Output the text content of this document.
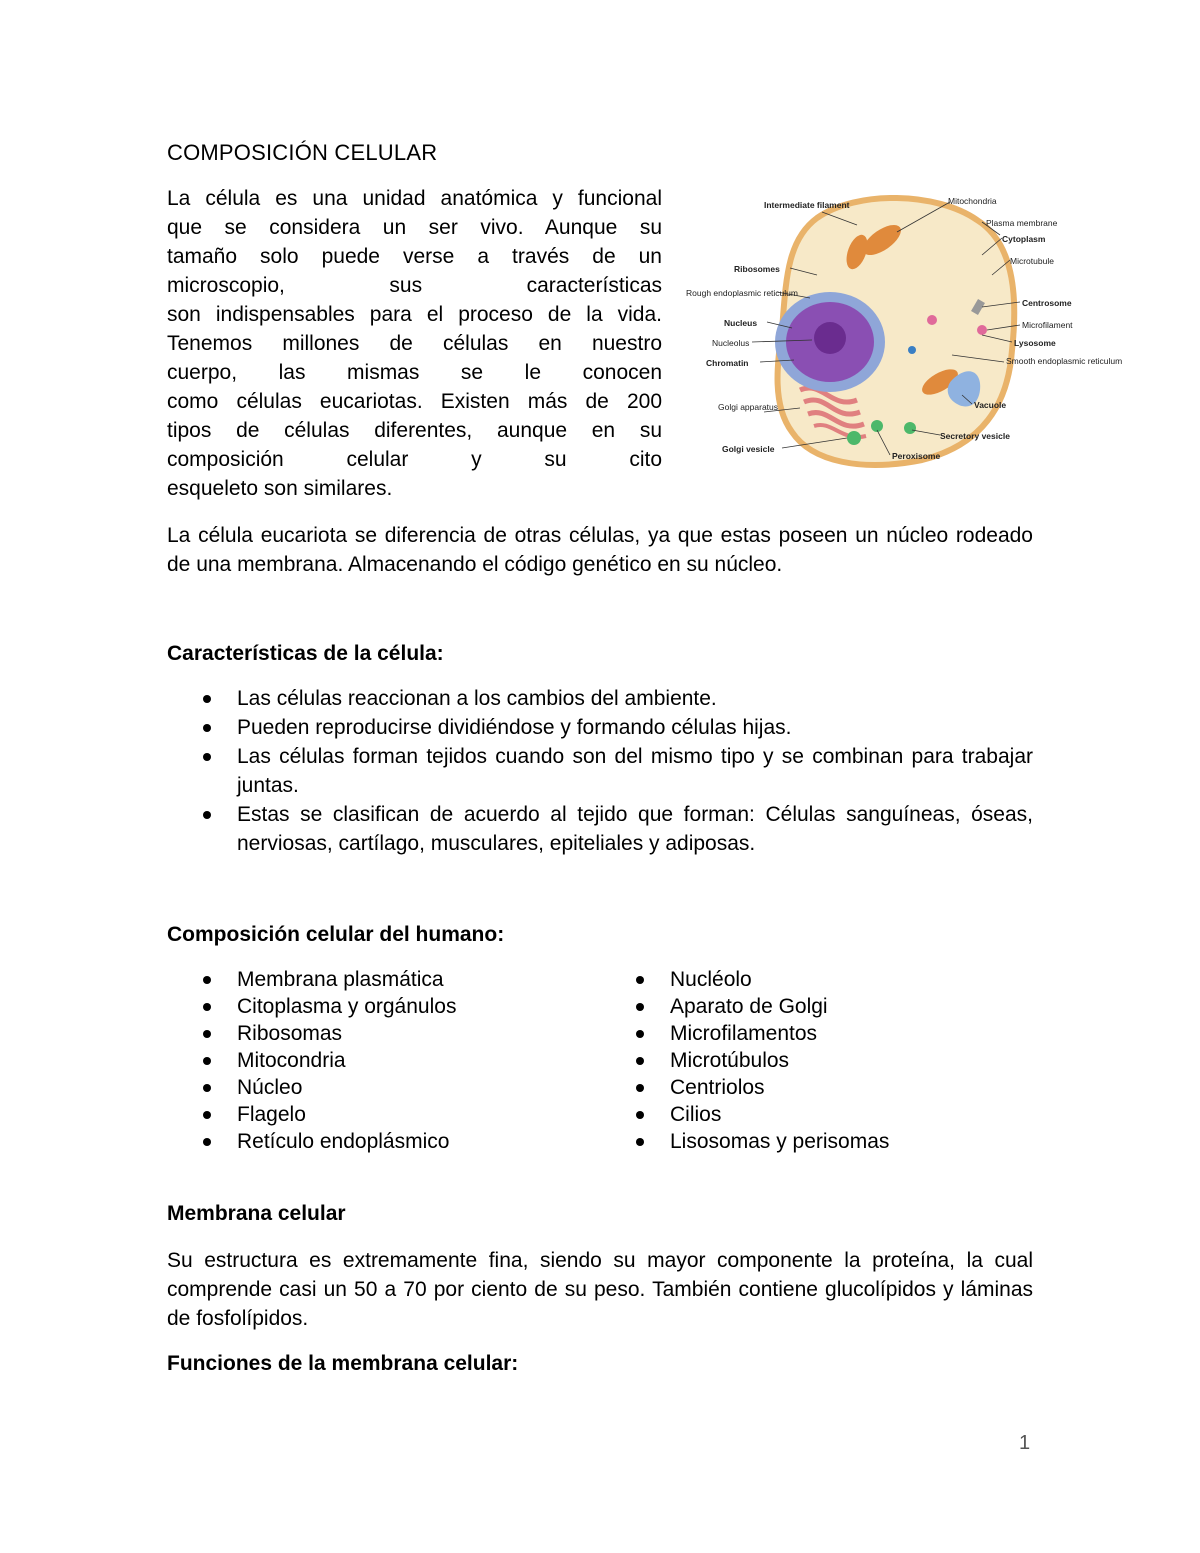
COMPOSICIÓN CELULAR
La célula es una unidad anatómica y funcional
que se considera un ser vivo. Aunque su
tamaño solo puede verse a través de un
microscopio, sus características
son indispensables para el proceso de la vida.
Tenemos millones de células en nuestro
cuerpo, las mismas se le conocen
como células eucariotas. Existen más de 200
tipos de células diferentes, aunque en su
composición celular y su cito
esqueleto son similares.
Intermediate filament
Ribosomes
Rough endoplasmic reticulum
Nucleus
Nucleolus
Chromatin
Golgi apparatus
Golgi vesicle
Mitochondria
Plasma membrane
Cytoplasm
Microtubule
Centrosome
Microfilament
Lysosome
Smooth endoplasmic reticulum
Vacuole
Secretory vesicle
Peroxisome
La célula eucariota se diferencia de otras células, ya que estas poseen un núcleo rodeado de una membrana. Almacenando el código genético en su núcleo.
Características de la célula:
Las células reaccionan a los cambios del ambiente.
Pueden reproducirse dividiéndose y formando células hijas.
Las células forman tejidos cuando son del mismo tipo y se combinan para trabajar juntas.
Estas se clasifican de acuerdo al tejido que forman: Células sanguíneas, óseas, nerviosas, cartílago, musculares, epiteliales y adiposas.
Composición celular del humano:
Membrana plasmática
Citoplasma y orgánulos
Ribosomas
Mitocondria
Núcleo
Flagelo
Retículo endoplásmico
Nucléolo
Aparato de Golgi
Microfilamentos
Microtúbulos
Centriolos
Cilios
Lisosomas y perisomas
Membrana celular
Su estructura es extremamente fina, siendo su mayor componente la proteína, la cual comprende casi un 50 a 70 por ciento de su peso. También contiene glucolípidos y láminas de fosfolípidos.
Funciones de la membrana celular:
1
